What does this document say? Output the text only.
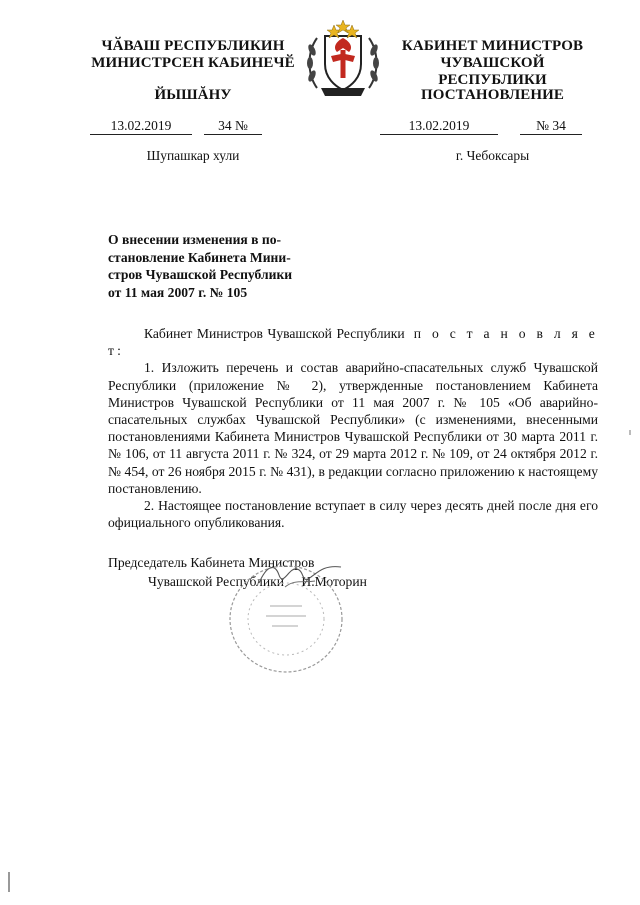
ЧӐВАШ РЕСПУБЛИКИН
МИНИСТРСЕН КАБИНЕЧӖ
ЙЫШĂНУ
КАБИНЕТ МИНИСТРОВ
ЧУВАШСКОЙ РЕСПУБЛИКИ
ПОСТАНОВЛЕНИЕ
13.02.2019	34 №	13.02.2019	№ 34
Шупашкар хули	г. Чебоксары
О внесении изменения в по-
становление Кабинета Мини-
стров Чувашской Республики
от 11 мая 2007 г. № 105

Кабинет Министров Чувашской Республики п о с т а н о в л я е т:

1. Изложить перечень и состав аварийно-спасательных служб Чувашской Республики (приложение № 2), утвержденные постановлением Кабинета Министров Чувашской Республики от 11 мая 2007 г. № 105 «Об аварийно-спасательных службах Чувашской Республики» (с изменениями, внесенными постановлениями Кабинета Министров Чувашской Республики от 30 марта 2011 г. № 106, от 11 августа 2011 г. № 324, от 29 марта 2012 г. № 109, от 24 октября 2012 г. № 454, от 26 ноября 2015 г. № 431), в редакции согласно приложению к настоящему постановлению.

2. Настоящее постановление вступает в силу через десять дней после дня его официального опубликования.

Председатель Кабинета Министров
Чувашской Республики И.Моторин
